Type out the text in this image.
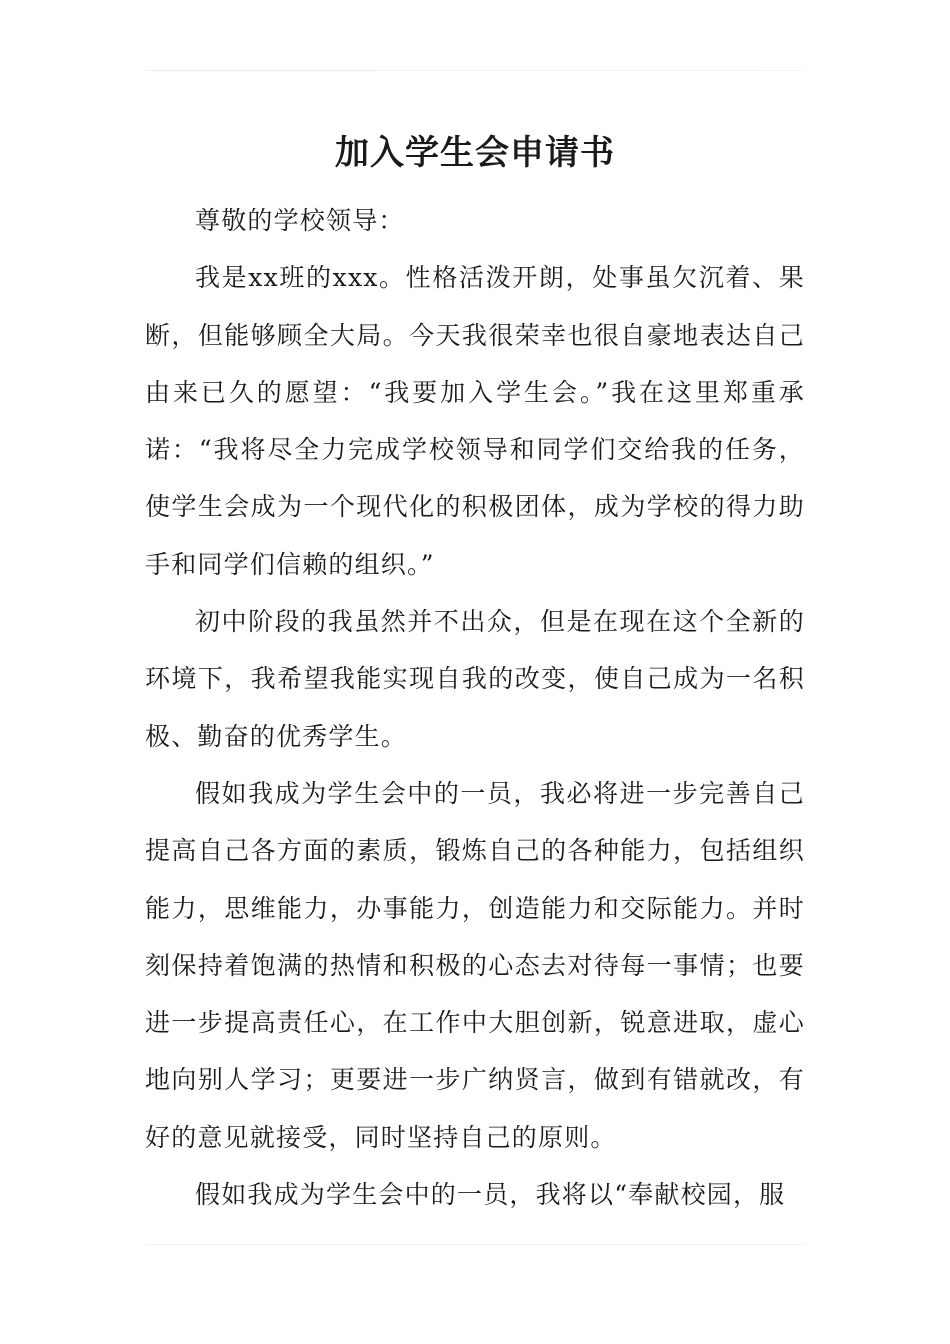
加入学生会申请书

尊敬的学校领导：

我是xx班的xxx。性格活泼开朗，处事虽欠沉着、果断，但能够顾全大局。今天我很荣幸也很自豪地表达自己由来已久的愿望：“我要加入学生会。”我在这里郑重承诺：“我将尽全力完成学校领导和同学们交给我的任务，使学生会成为一个现代化的积极团体，成为学校的得力助手和同学们信赖的组织。”

初中阶段的我虽然并不出众，但是在现在这个全新的环境下，我希望我能实现自我的改变，使自己成为一名积极、勤奋的优秀学生。

假如我成为学生会中的一员，我必将进一步完善自己提高自己各方面的素质，锻炼自己的各种能力，包括组织能力，思维能力，办事能力，创造能力和交际能力。并时刻保持着饱满的热情和积极的心态去对待每一事情；也要进一步提高责任心，在工作中大胆创新，锐意进取，虚心地向别人学习；更要进一步广纳贤言，做到有错就改，有好的意见就接受，同时坚持自己的原则。

假如我成为学生会中的一员，我将以“奉献校园，服
